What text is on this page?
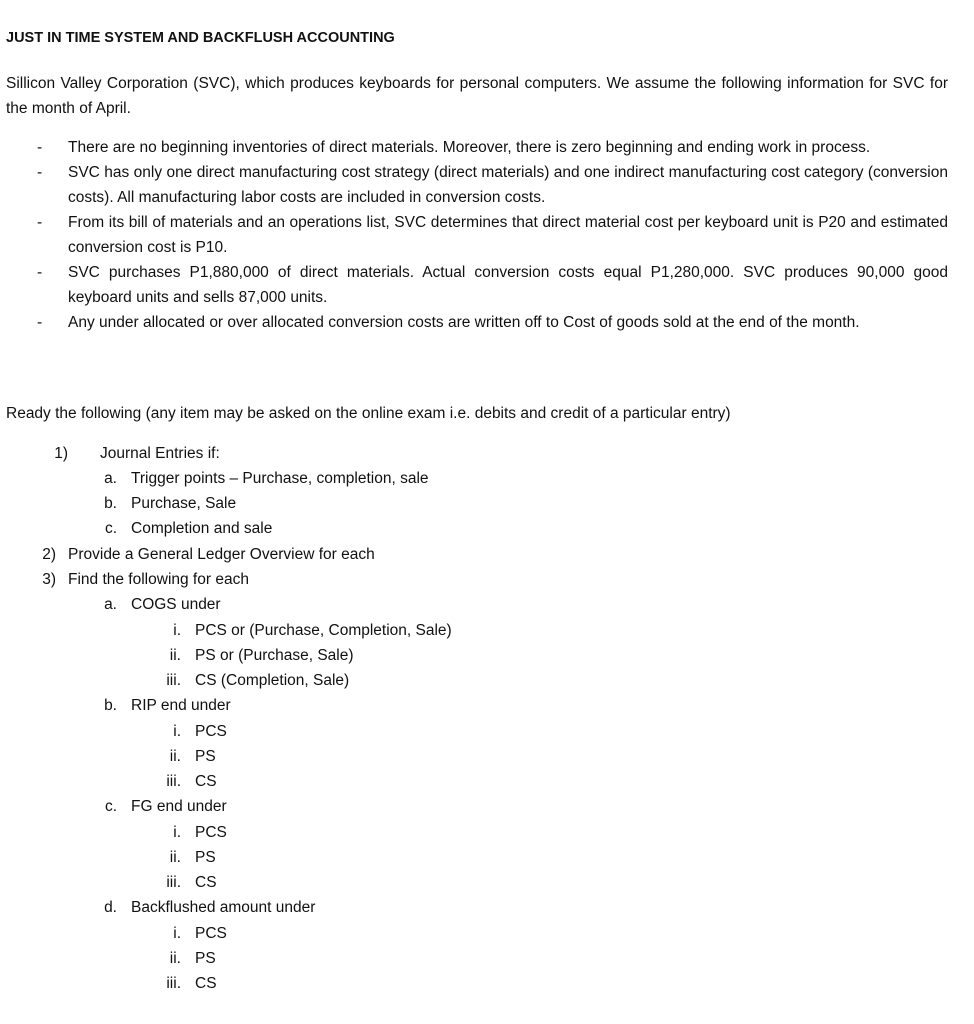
JUST IN TIME SYSTEM AND BACKFLUSH ACCOUNTING

Sillicon Valley Corporation (SVC), which produces keyboards for personal computers. We assume the following information for SVC for the month of April.

- There are no beginning inventories of direct materials. Moreover, there is zero beginning and ending work in process.
- SVC has only one direct manufacturing cost strategy (direct materials) and one indirect manufacturing cost category (conversion costs). All manufacturing labor costs are included in conversion costs.
- From its bill of materials and an operations list, SVC determines that direct material cost per keyboard unit is P20 and estimated conversion cost is P10.
- SVC purchases P1,880,000 of direct materials. Actual conversion costs equal P1,280,000. SVC produces 90,000 good keyboard units and sells 87,000 units.
- Any under allocated or over allocated conversion costs are written off to Cost of goods sold at the end of the month.
Ready the following (any item may be asked on the online exam i.e. debits and credit of a particular entry)
1) Journal Entries if:
a. Trigger points – Purchase, completion, sale
b. Purchase, Sale
c. Completion and sale
2) Provide a General Ledger Overview for each
3) Find the following for each
a. COGS under
i. PCS or (Purchase, Completion, Sale)
ii. PS or (Purchase, Sale)
iii. CS (Completion, Sale)
b. RIP end under
i. PCS
ii. PS
iii. CS
c. FG end under
i. PCS
ii. PS
iii. CS
d. Backflushed amount under
i. PCS
ii. PS
iii. CS
